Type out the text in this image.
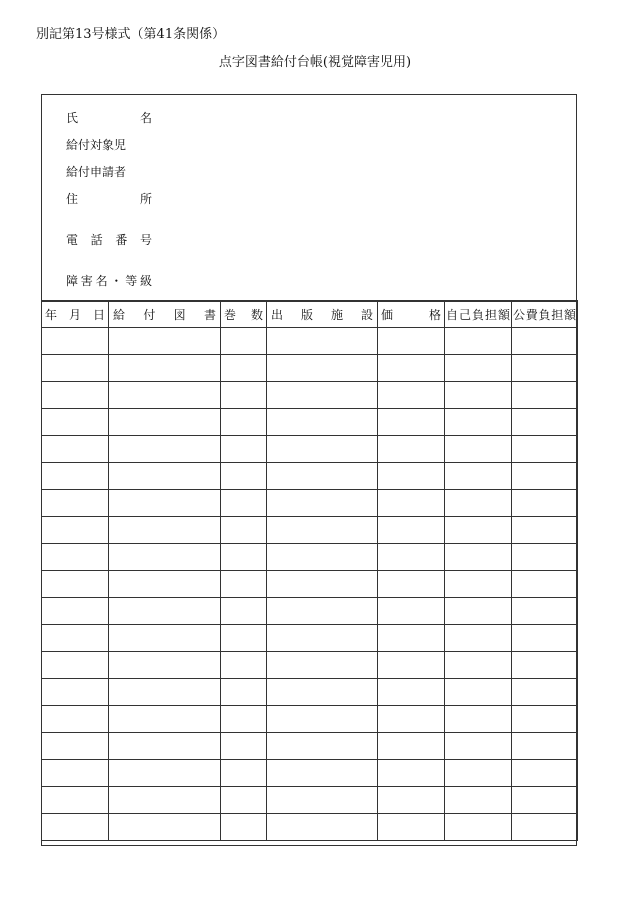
別記第13号様式（第41条関係）
点字図書給付台帳(視覚障害児用)
氏名
給付対象児
給付申請者
住所
電話番号
障害名・等級
年月日	給付図書	巻数	出版施設	価格	自己負担額	公費負担額
